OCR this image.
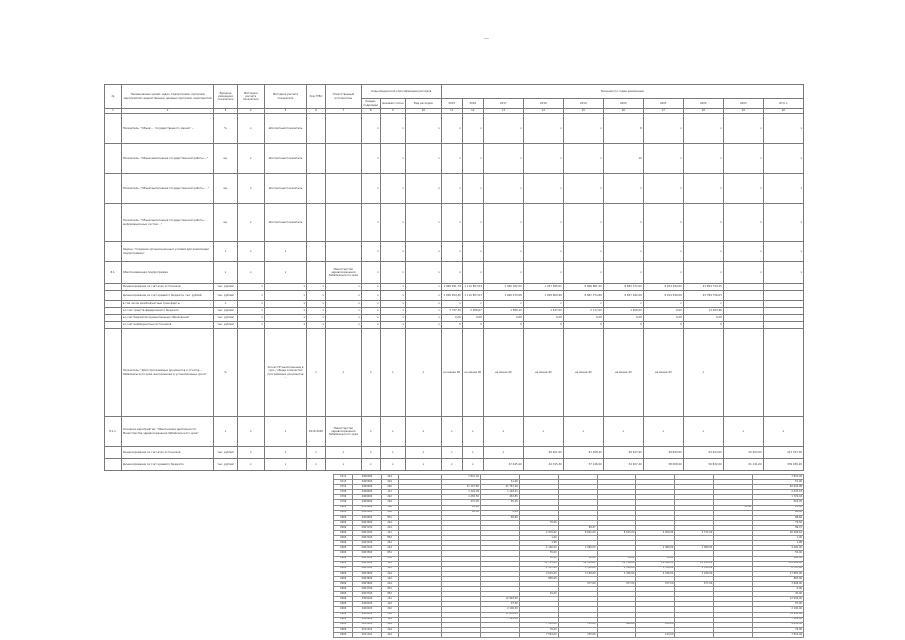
—
№	Наименование целей, задач, подпрограмм, программ мероприятий, ведомственных целевых программ, мероприятий	Единица измерения показателя	Методика расчета показателя	Методика расчета показателя	Код ГРБС	Ответственный исполнитель	Коды бюджетной классификации расходов			Значения по годам реализации									
							Раздел, подраздел	Целевая статья	Вид расходов	2015	2016	2017	2018	2019	2020	2021	2022	2023	Итого
1	2	3	4	5	6	7	8	9	10	11	12	13	14	15	16	17	18	19	20
	Показатель: "Объем ... государственного заказа" ...	%	х	абсолютный показатель			х	х	х	х	х	х	х	х	8	х	х	х	х
	Показатель: "Объем выполнения государственной работы ..."	ед.	х	абсолютный показатель			х	х	х	х	х	х	х	х	10	х	х	х	х
	Показатель: "Объем выполнения государственной работы ... "	ед.	х	абсолютный показатель			х	х	х	х	х	х	х	1	1	1	1	1	1
	Показатель: "Объем выполнения государственной работы ... информационных систем ..."	ед.	х	абсолютный показатель			х	х	х	х	х	х	х	х	1	1	1	1	1
	Задача: "Создание организационных условий для реализации подпрограммы"	х	х	х			х	х	х	х	х	х	х	х	х	х	х	х	х
8.1.	Обеспечивающая подпрограмма	х	х	х		Министерство здравоохранения Забайкальского края	х	х	х	х	х	х	х	х	х	х	х	х	х
	Финансирование за счет всех источников	тыс. рублей	х	х	х	х	х	х	х	1 068 491,79	1 112 857,03	1 060 182,50	1 037 585,01	8 896 861,40	8 863 372,00	8 934 394,00	43 894 744,25		
	финансирование за счет краевого бюджета, тыс. рублей	тыс. рублей	х	х	х	х	х	х	х	1 058 954,30	1 112 857,03	1 060 270,08	1 059 600,90	8 867 374,80	8 857 942,00	8 914 590,00	43 789 756,63		
	в том числе межбюджетные трансферты	х	х	х	х	х	х	х	х	х	х	х	х	х	х	х	х		
	за счет средств федерального бюджета	тыс. рублей	х	х	х	х	х	х	х	3 737,30	2 958,07	1 588,10	1 447,00	2 717,00	1 400,00	0,00	13 463,96		
	за счет бюджетов муниципальных образований	тыс. рублей	х	х	х	х	х	х	х	0,00	0,00	0,00	0,00	0,00	0,00	0,00	0,00		
	за счет внебюджетных источников	тыс. рублей	х	х	х	х	х	х	х	0	0	0	0	0	0	0	0		
	Показатель: "Доля программных документов и отчетов ... Забайкальского края, выполненных в установленные сроки"	%		Кол-во ПП выполненных в срок / общее количество программных документов ...	х	х	х	х	х	не менее 90	не менее 90	не менее 90	не менее 90	не менее 90	не менее 90	не менее 90	х		
8.1.1.	Основное мероприятие: "Обеспечение деятельности Министерства здравоохранения Забайкальского края"	х	х	х	2014-2020	Министерство здравоохранения Забайкальского края	х	х	х	х	х	х	х	х	х	х	х	х	х
	Финансирование за счет всех источников	тыс. рублей	х	х	х	х	х	х	х	х	х	х	59 401,60	61 508,30	59 527,90	59 693,00	52 204,00	52 403,00	417 437,30
	финансирование за счет краевого бюджета	тыс. рублей	х	х	х	х	х	х	х	х	х	47 445,20	44 315,30	57 146,00	54 457,40	58 008,00	56 822,00	61 141,00	339 036,20
0111	4400000	244		7 841,09								7 841,09
0113	4405000	244			51,00							51,00
0702	4400000	240		41 167,89	41 767,09							82 934,98
0709	4409000	121		1 122,09	1 148,01							2 270,10
0709	4409000	242		1 265,59	463,85							1 729,44
0709	4409000	244		437,05	85,00							522,05
0909	0703000	100		14,00							11,00	25,00
0909	0901000	244		80,00	8,00							88,00
0909	4409000	851			88,66							88,66
0909	0903000	244				76,50						76,50
0909	0903100	244					89,47					89,47
0909	0903100	121				2 476,62	8 891,00	8 615,00	2 454,00	3 772,00		26 208,62
0909	0903100	852				1,00						1,00
0909	0903100	242				1,98						1,98
0909	0903100	244				1 160,00	1 080,00		1 080,00	1 080,00		4 400,00
0909	0903500	851				55,00						55,00
0909	0903500	852				10,00	50,00	50,00	50,00			160,00
0909	0903500	121				21 715,00	24 308,00	21 716,00	26 812,00	21 143,00		135 694,00
0909	0903500	122				1 397,00	1 350,00	1 350,00	1 350,00	1 350,00		6 797,00
0909	0903500	244				4 615,00	3 189,00	3 436,00	3 436,00	3 189,00		17 865,00
0909	0903600	122				865,00						865,00
0909	0903600	244					977,00	977,00	977,00	977,00		3 908,00
0909	0903700	851										0,00
0909	0903700	852				45,00						45,00
0909	4409100	121			12 993,00							12 993,00
0909	4409100	122			97,00							97,00
0909	4409100	242			2 100,00							2 100,00
0909	4409100	244			31 930,00							31 930,00
0909	4409900	121			7 126,00							7 126,00
0909	5221101	244				7 563,00	703,00	960,00	224,00			9 450,00
0909	5221101	244				76,00						76,00
0909	5221101	244				7 563,00	155,00		123,00			7 841,00
